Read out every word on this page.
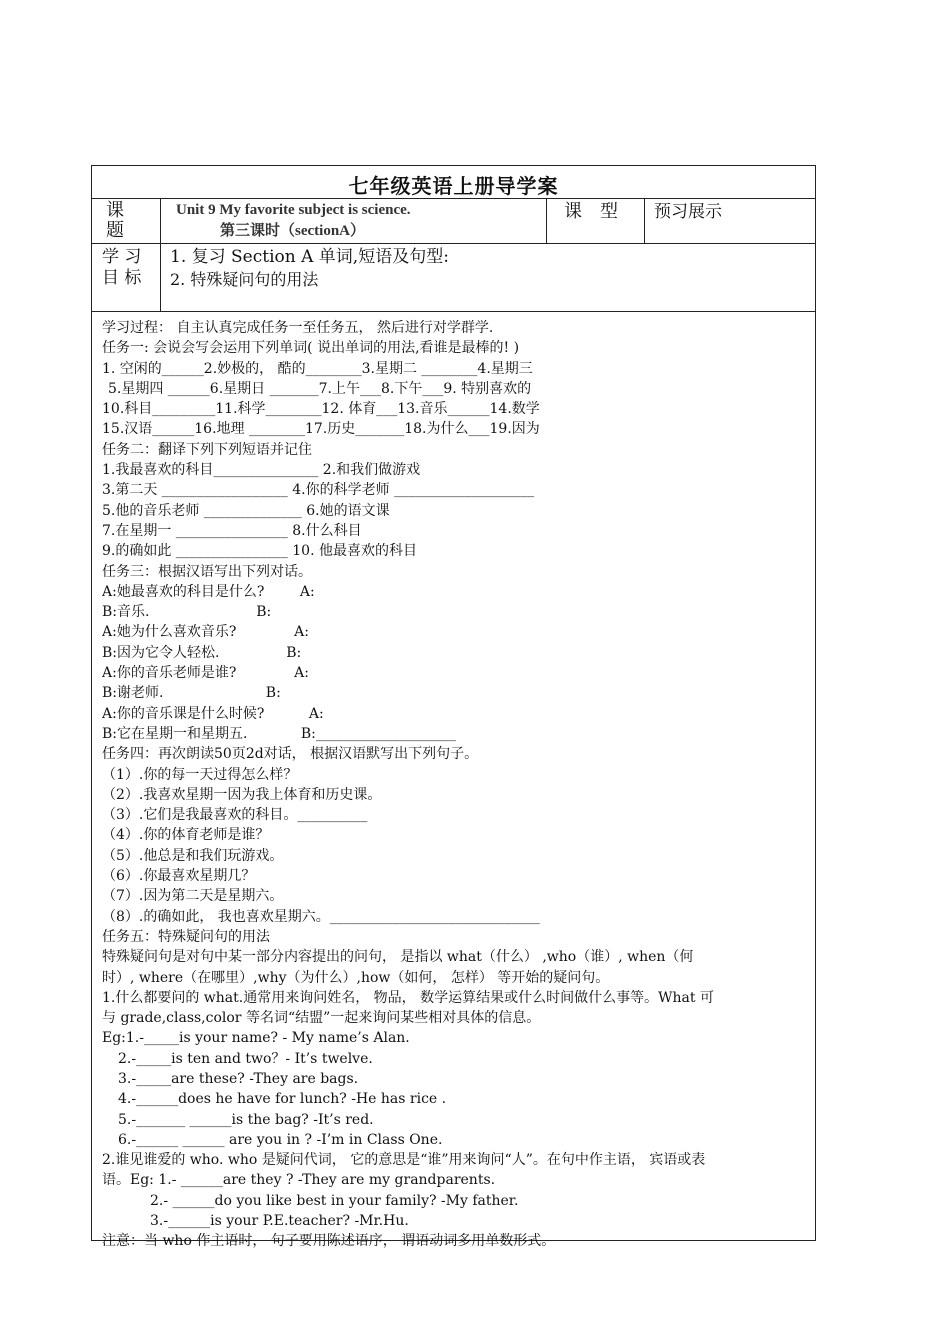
七年级英语上册导学案
课 题
Unit 9 My favorite subject is science.
第三课时（sectionA）
课　型 预习展示
学 习
目 标
1. 复习 Section A 单词,短语及句型:
2. 特殊疑问句的用法
学习过程： 自主认真完成任务一至任务五， 然后进行对学群学.
任务一: 会说会写会运用下列单词( 说出单词的用法,看谁是最棒的! )
1. 空闲的______2.妙极的， 酷的________3.星期二 ________4.星期三
5.星期四 ______6.星期日 _______7.上午___8.下午___9. 特别喜欢的
10.科目_________11.科学________12. 体育___13.音乐______14.数学
15.汉语______16.地理 ________17.历史_______18.为什么___19.因为
任务二：翻译下列下列短语并记住
1.我最喜欢的科目_______________ 2.和我们做游戏
3.第二天 __________________ 4.你的科学老师 ____________________
5.他的音乐老师 ______________ 6.她的语文课
7.在星期一 ________________ 8.什么科目
9.的确如此 ________________ 10. 他最喜欢的科目
任务三：根据汉语写出下列对话。
A:她最喜欢的科目是什么?        A:
B:音乐.                        B:
A:她为什么喜欢音乐?             A:
B:因为它令人轻松.               B:
A:你的音乐老师是谁?             A:
B:谢老师.                       B:
A:你的音乐课是什么时候?          A:
B:它在星期一和星期五.            B:____________________
任务四：再次朗读50页2d对话， 根据汉语默写出下列句子。
（1）.你的每一天过得怎么样？
（2）.我喜欢星期一因为我上体育和历史课。
（3）.它们是我最喜欢的科目。__________
（4）.你的体育老师是谁？
（5）.他总是和我们玩游戏。
（6）.你最喜欢星期几？
（7）.因为第二天是星期六。
（8）.的确如此， 我也喜欢星期六。______________________________
任务五：特殊疑问句的用法
特殊疑问句是对句中某一部分内容提出的问句， 是指以 what（什么） ,who（谁）, when（何
时）, where（在哪里）,why（为什么）,how（如何， 怎样） 等开始的疑问句。
1.什么都要问的 what.通常用来询问姓名， 物品， 数学运算结果或什么时间做什么事等。What 可
与 grade,class,color 等名词“结盟”一起来询问某些相对具体的信息。
Eg:1.-_____is your name? - My name’s Alan.
2.-_____is ten and two？- It’s twelve.
3.-_____are these? -They are bags.
4.-______does he have for lunch? -He has rice .
5.-_______ ______is the bag? -It’s red.
6.-______ ______ are you in ? -I’m in Class One.
2.谁见谁爱的 who. who 是疑问代词， 它的意思是“谁”用来询问“人”。在句中作主语， 宾语或表
语。Eg: 1.- ______are they ? -They are my grandparents.
2.- ______do you like best in your family? -My father.
3.-______is your P.E.teacher? -Mr.Hu.
注意：当 who 作主语时， 句子要用陈述语序， 谓语动词多用单数形式。
